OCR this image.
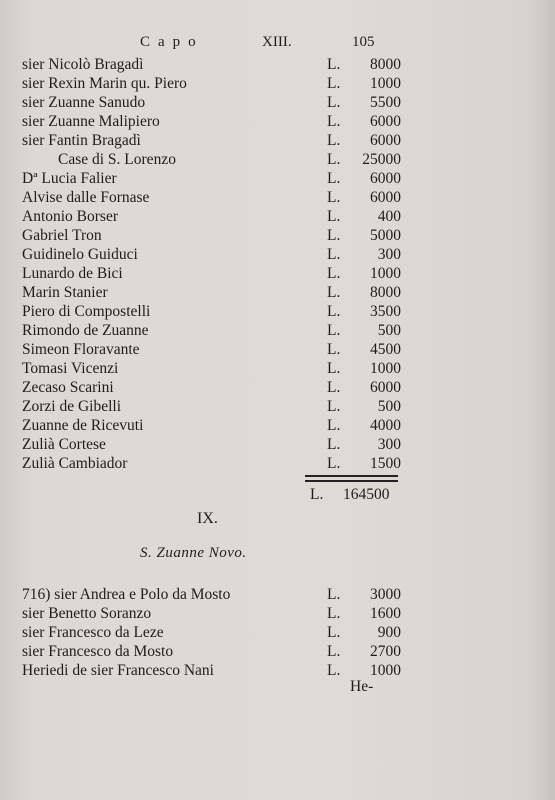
Capo	XIII.	105
sier Nicolò Bragadì	L. 8000
sier Rexin Marin qu. Piero	L. 1000
sier Zuanne Sanudo	L. 5500
sier Zuanne Malipiero	L. 6000
sier Fantin Bragadì	L. 6000
Case di S. Lorenzo	L. 25000
Dª Lucia Falier	L. 6000
Alvise dalle Fornase	L. 6000
Antonio Borser	L. 400
Gabriel Tron	L. 5000
Guidinelo Guiduci	L. 300
Lunardo de Bici	L. 1000
Marin Stanier	L. 8000
Piero di Compostelli	L. 3500
Rimondo de Zuanne	L. 500
Simeon Floravante	L. 4500
Tomasi Vicenzi	L. 1000
Zecaso Scarini	L. 6000
Zorzi de Gibelli	L. 500
Zuanne de Ricevuti	L. 4000
Zulià Cortese	L. 300
Zulià Cambiador	L. 1500
L. 164500
IX.
S. Zuanne Novo.
716) sier Andrea e Polo da Mosto	L. 3000
sier Benetto Soranzo	L. 1600
sier Francesco da Leze	L. 900
sier Francesco da Mosto	L. 2700
Heriedi de sier Francesco Nani	L. 1000
He-
